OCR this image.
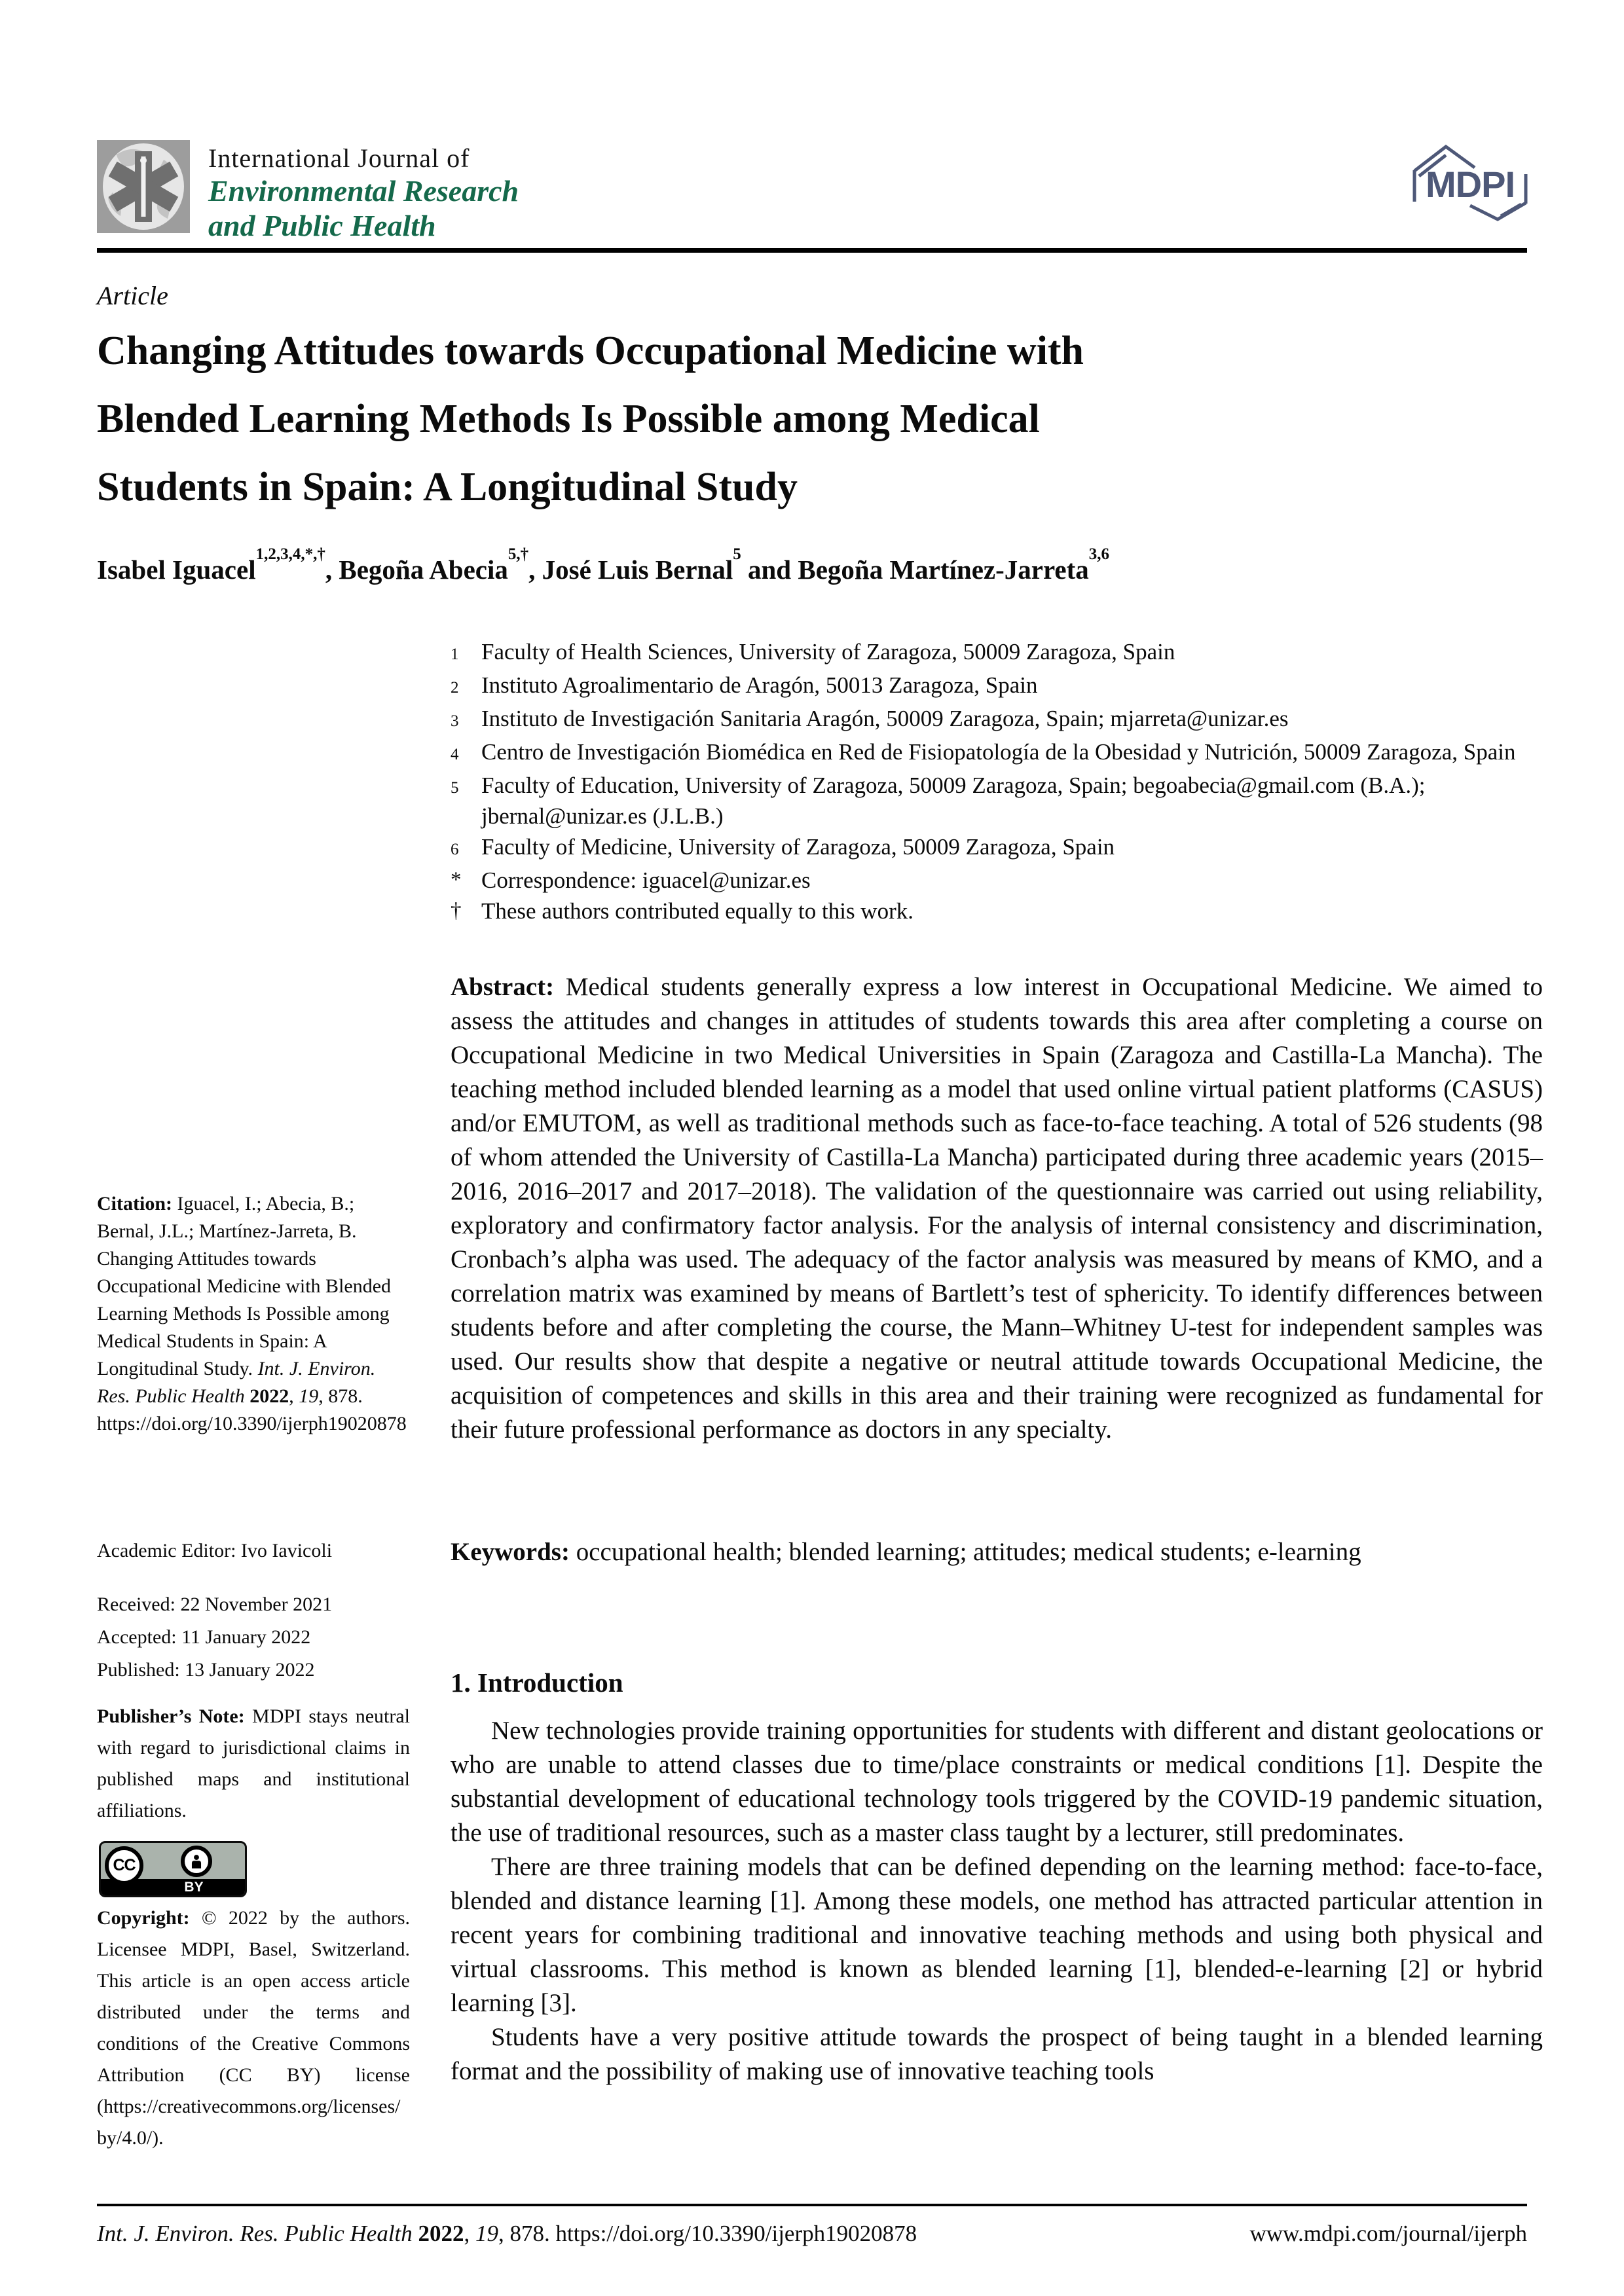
International Journal of
Environmental Research
and Public Health
MDPI
Article
Changing Attitudes towards Occupational Medicine with
Blended Learning Methods Is Possible among Medical
Students in Spain: A Longitudinal Study
Isabel Iguacel$^{1,2,3,4,*,\dagger}$, Begoña Abecia$^{5,\dagger}$, José Luis Bernal$^5$ and Begoña Martínez-Jarreta$^{3,6}$
1 Faculty of Health Sciences, University of Zaragoza, 50009 Zaragoza, Spain
2 Instituto Agroalimentario de Aragón, 50013 Zaragoza, Spain
3 Instituto de Investigación Sanitaria Aragón, 50009 Zaragoza, Spain; mjarreta@unizar.es
4 Centro de Investigación Biomédica en Red de Fisiopatología de la Obesidad y Nutrición, 50009 Zaragoza, Spain
5 Faculty of Education, University of Zaragoza, 50009 Zaragoza, Spain; begoabecia@gmail.com (B.A.); jbernal@unizar.es (J.L.B.)
6 Faculty of Medicine, University of Zaragoza, 50009 Zaragoza, Spain
* Correspondence: iguacel@unizar.es
† These authors contributed equally to this work.
Abstract: Medical students generally express a low interest in Occupational Medicine. We aimed to assess the attitudes and changes in attitudes of students towards this area after completing a course on Occupational Medicine in two Medical Universities in Spain (Zaragoza and Castilla-La Mancha). The teaching method included blended learning as a model that used online virtual patient platforms (CASUS) and/or EMUTOM, as well as traditional methods such as face-to-face teaching. A total of 526 students (98 of whom attended the University of Castilla-La Mancha) participated during three academic years (2015–2016, 2016–2017 and 2017–2018). The validation of the questionnaire was carried out using reliability, exploratory and confirmatory factor analysis. For the analysis of internal consistency and discrimination, Cronbach’s alpha was used. The adequacy of the factor analysis was measured by means of KMO, and a correlation matrix was examined by means of Bartlett’s test of sphericity. To identify differences between students before and after completing the course, the Mann–Whitney U-test for independent samples was used. Our results show that despite a negative or neutral attitude towards Occupational Medicine, the acquisition of competences and skills in this area and their training were recognized as fundamental for their future professional performance as doctors in any specialty.
Keywords: occupational health; blended learning; attitudes; medical students; e-learning
1. Introduction

New technologies provide training opportunities for students with different and distant geolocations or who are unable to attend classes due to time/place constraints or medical conditions [1]. Despite the substantial development of educational technology tools triggered by the COVID-19 pandemic situation, the use of traditional resources, such as a master class taught by a lecturer, still predominates.

There are three training models that can be defined depending on the learning method: face-to-face, blended and distance learning [1]. Among these models, one method has attracted particular attention in recent years for combining traditional and innovative teaching methods and using both physical and virtual classrooms. This method is known as blended learning [1], blended-e-learning [2] or hybrid learning [3].

Students have a very positive attitude towards the prospect of being taught in a blended learning format and the possibility of making use of innovative teaching tools

Citation: Iguacel, I.; Abecia, B.; Bernal, J.L.; Martínez-Jarreta, B. Changing Attitudes towards Occupational Medicine with Blended Learning Methods Is Possible among Medical Students in Spain: A Longitudinal Study. Int. J. Environ. Res. Public Health 2022, 19, 878. https://doi.org/10.3390/ijerph19020878
Academic Editor: Ivo Iavicoli
Received: 22 November 2021
Accepted: 11 January 2022
Published: 13 January 2022
Publisher’s Note: MDPI stays neutral with regard to jurisdictional claims in published maps and institutional affiliations.
CC
BY
Copyright: © 2022 by the authors. Licensee MDPI, Basel, Switzerland. This article is an open access article distributed under the terms and conditions of the Creative Commons Attribution (CC BY) license (https://creativecommons.org/licenses/by/4.0/).
Int. J. Environ. Res. Public Health 2022, 19, 878. https://doi.org/10.3390/ijerph19020878	www.mdpi.com/journal/ijerph
